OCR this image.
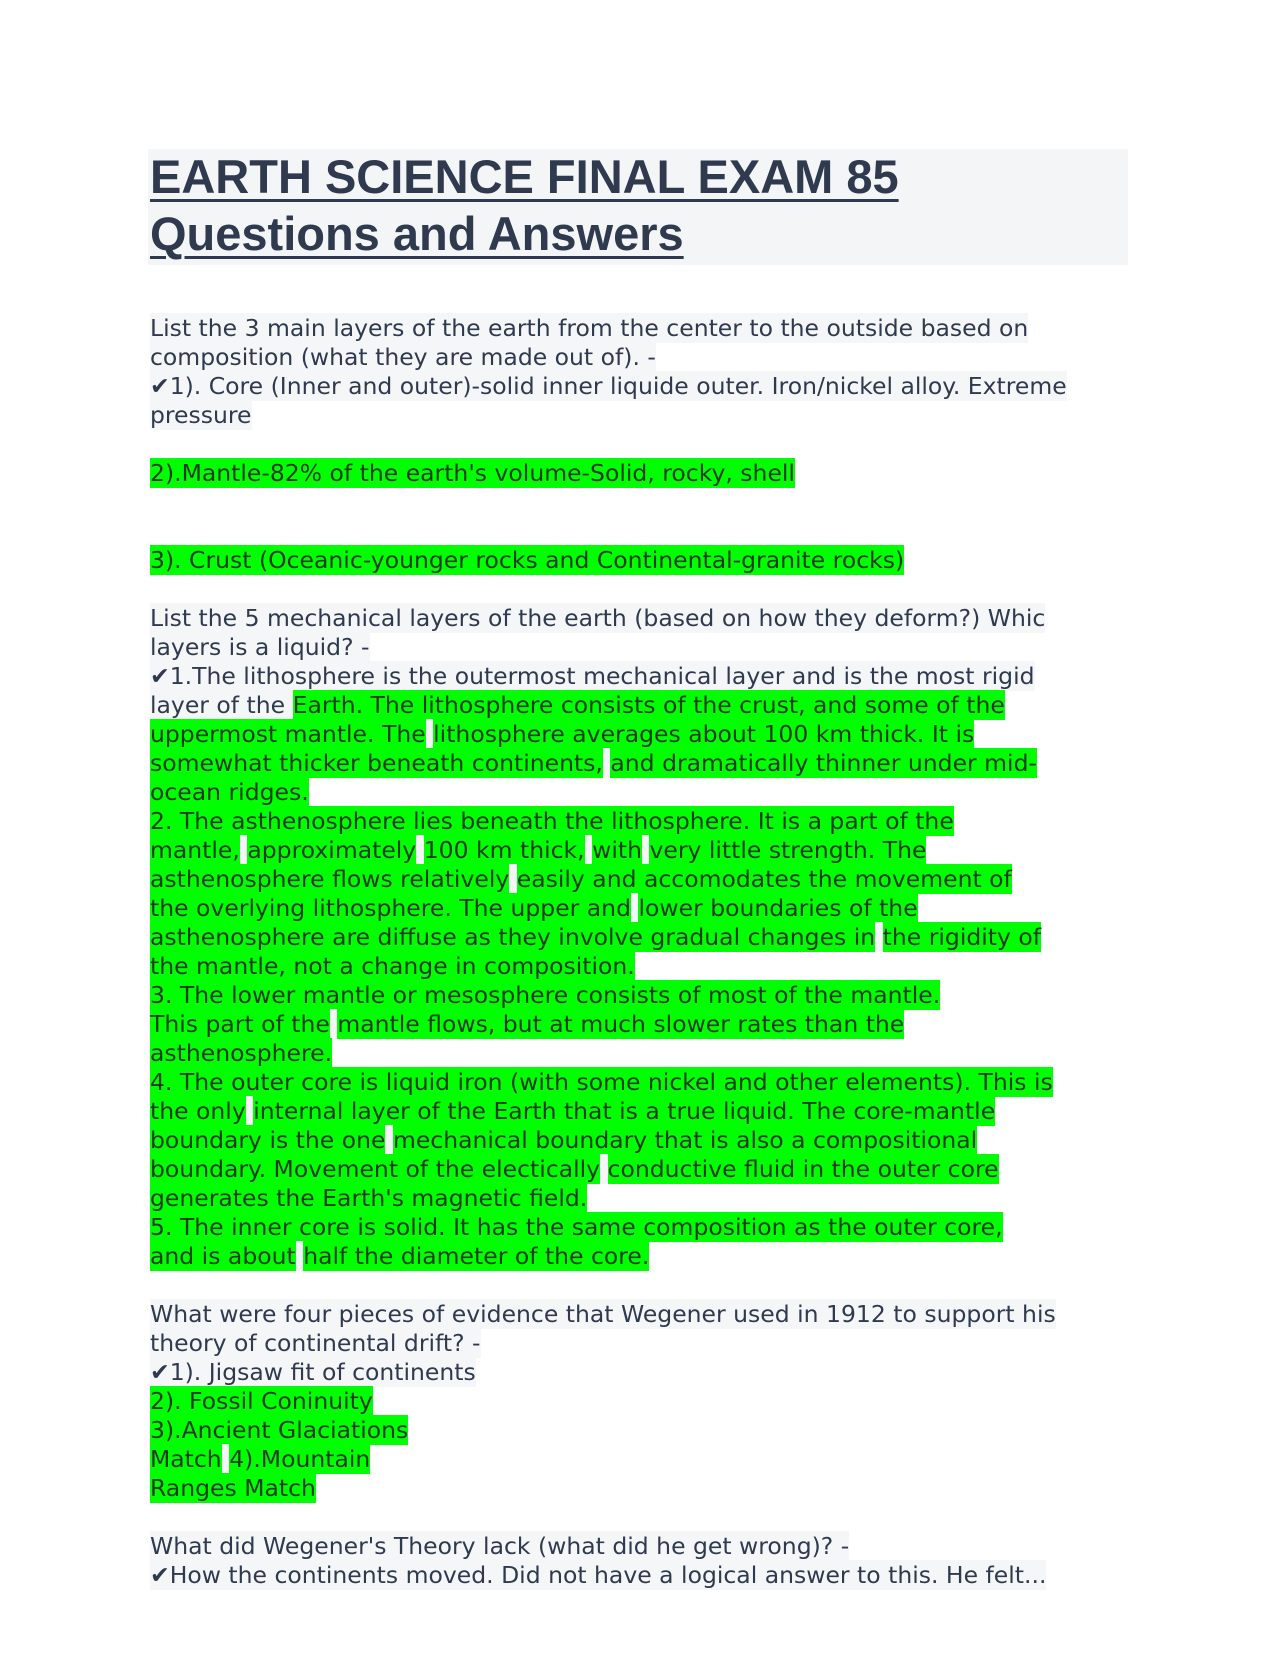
EARTH SCIENCE FINAL EXAM 85
Questions and Answers
List the 3 main layers of the earth from the center to the outside based on
composition (what they are made out of). -
✔1). Core (Inner and outer)-solid inner liquide outer. Iron/nickel alloy. Extreme
pressure
2).Mantle-82% of the earth's volume-Solid, rocky, shell
3). Crust (Oceanic-younger rocks and Continental-granite rocks)
List the 5 mechanical layers of the earth (based on how they deform?) Whic
layers is a liquid? -
✔1.The lithosphere is the outermost mechanical layer and is the most rigid
layer of the Earth. The lithosphere consists of the crust, and some of the
uppermost mantle. The lithosphere averages about 100 km thick. It is
somewhat thicker beneath continents, and dramatically thinner under mid-
ocean ridges.
2. The asthenosphere lies beneath the lithosphere. It is a part of the
mantle, approximately 100 km thick, with very little strength. The
asthenosphere flows relatively easily and accomodates the movement of
the overlying lithosphere. The upper and lower boundaries of the
asthenosphere are diffuse as they involve gradual changes in the rigidity of
the mantle, not a change in composition.
3. The lower mantle or mesosphere consists of most of the mantle.
This part of the mantle flows, but at much slower rates than the
asthenosphere.
4. The outer core is liquid iron (with some nickel and other elements). This is
the only internal layer of the Earth that is a true liquid. The core-mantle
boundary is the one mechanical boundary that is also a compositional
boundary. Movement of the electically conductive fluid in the outer core
generates the Earth's magnetic field.
5. The inner core is solid. It has the same composition as the outer core,
and is about half the diameter of the core.
What were four pieces of evidence that Wegener used in 1912 to support his
theory of continental drift? -
✔1). Jigsaw fit of continents
2). Fossil Coninuity
3).Ancient Glaciations
Match 4).Mountain
Ranges Match
What did Wegener's Theory lack (what did he get wrong)? -
✔How the continents moved. Did not have a logical answer to this. He felt...
